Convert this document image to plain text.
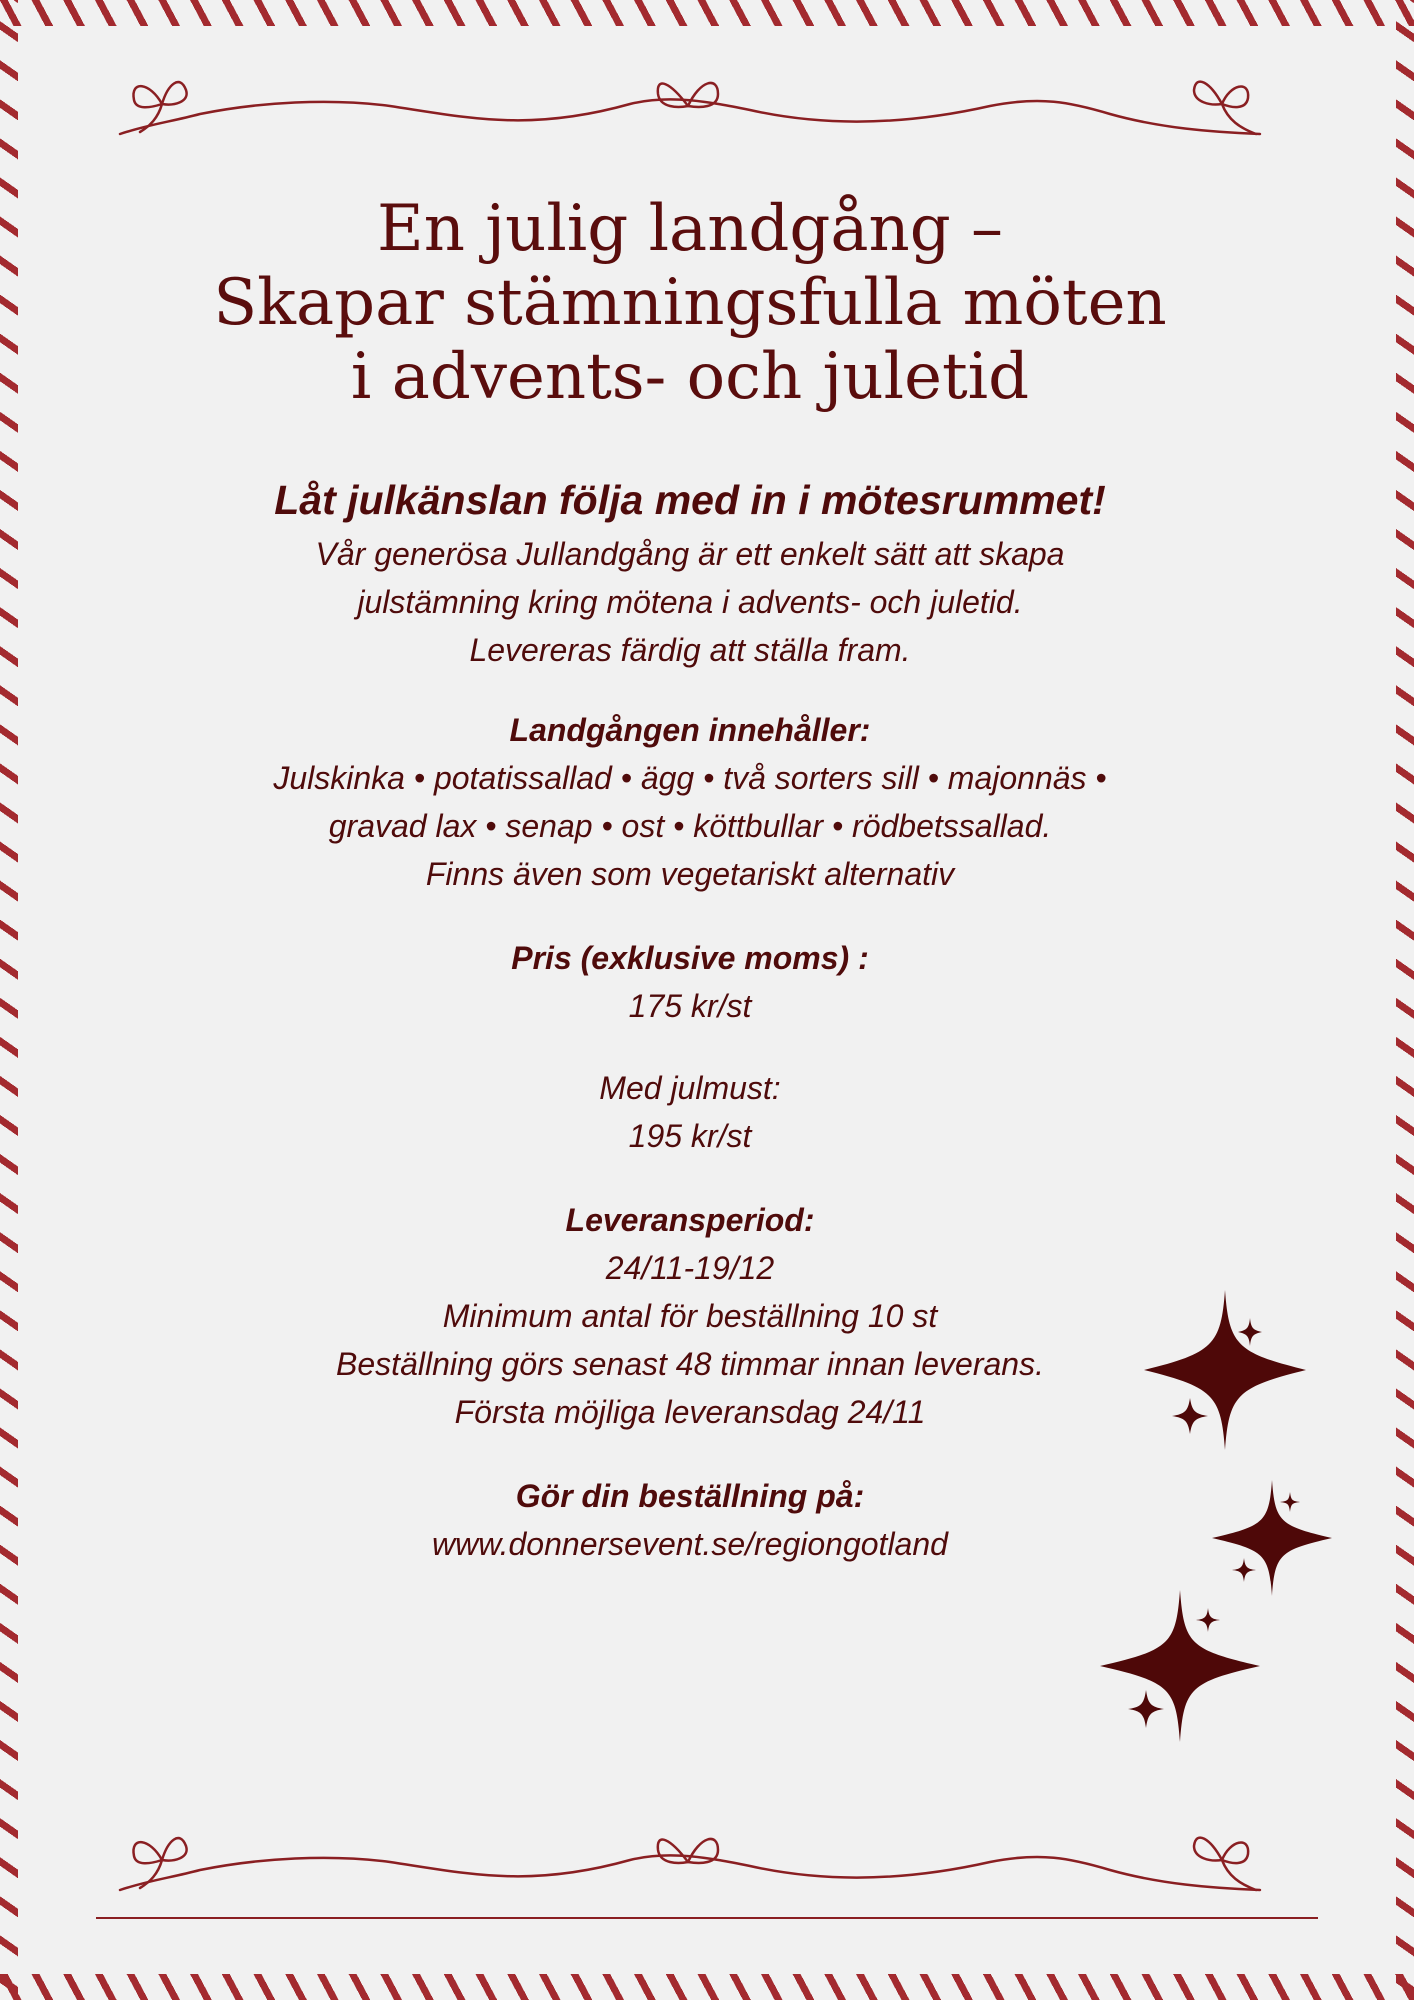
En julig landgång –
Skapar stämningsfulla möten
i advents- och juletid

Låt julkänslan följa med in i mötesrummet!

Vår generösa Jullandgång är ett enkelt sätt att skapa

julstämning kring mötena i advents- och juletid.

Levereras färdig att ställa fram.

Landgången innehåller:

Julskinka • potatissallad • ägg • två sorters sill • majonnäs •

gravad lax • senap • ost • köttbullar • rödbetssallad.

Finns även som vegetariskt alternativ

Pris (exklusive moms) :

175 kr/st

Med julmust:

195 kr/st

Leveransperiod:

24/11-19/12

Minimum antal för beställning 10 st

Beställning görs senast 48 timmar innan leverans.

Första möjliga leveransdag 24/11

Gör din beställning på:

www.donnersevent.se/regiongotland
